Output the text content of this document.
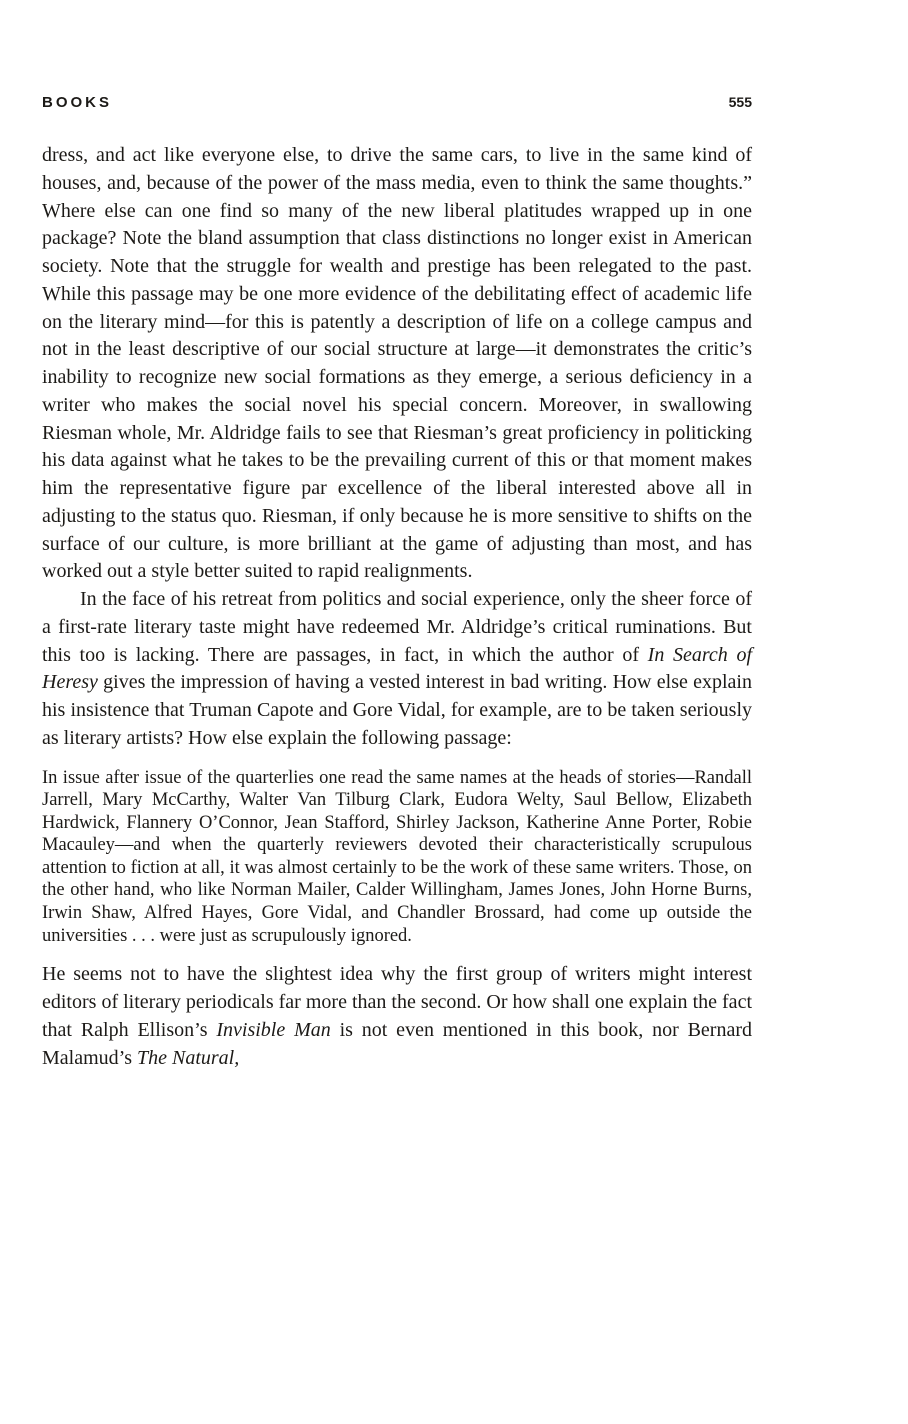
BOOKS	555

dress, and act like everyone else, to drive the same cars, to live in the same kind of houses, and, because of the power of the mass media, even to think the same thoughts.” Where else can one find so many of the new liberal platitudes wrapped up in one package? Note the bland assumption that class distinctions no longer exist in American society. Note that the struggle for wealth and prestige has been relegated to the past. While this passage may be one more evidence of the debilitating effect of academic life on the literary mind—for this is patently a description of life on a college campus and not in the least descriptive of our social structure at large—it demonstrates the critic’s inability to recognize new social formations as they emerge, a serious deficiency in a writer who makes the social novel his special concern. Moreover, in swallowing Riesman whole, Mr. Aldridge fails to see that Riesman’s great proficiency in politicking his data against what he takes to be the prevailing current of this or that moment makes him the representative figure par excellence of the liberal interested above all in adjusting to the status quo. Riesman, if only because he is more sensitive to shifts on the surface of our culture, is more brilliant at the game of adjusting than most, and has worked out a style better suited to rapid realignments.

In the face of his retreat from politics and social experience, only the sheer force of a first-rate literary taste might have redeemed Mr. Aldridge’s critical ruminations. But this too is lacking. There are passages, in fact, in which the author of In Search of Heresy gives the impression of having a vested interest in bad writing. How else explain his insistence that Truman Capote and Gore Vidal, for example, are to be taken seriously as literary artists? How else explain the following passage:

In issue after issue of the quarterlies one read the same names at the heads of stories—Randall Jarrell, Mary McCarthy, Walter Van Tilburg Clark, Eudora Welty, Saul Bellow, Elizabeth Hardwick, Flannery O’Connor, Jean Stafford, Shirley Jackson, Katherine Anne Porter, Robie Macauley—and when the quarterly reviewers devoted their characteristically scrupulous attention to fiction at all, it was almost certainly to be the work of these same writers. Those, on the other hand, who like Norman Mailer, Calder Willingham, James Jones, John Horne Burns, Irwin Shaw, Alfred Hayes, Gore Vidal, and Chandler Brossard, had come up outside the universities . . . were just as scrupulously ignored.

He seems not to have the slightest idea why the first group of writers might interest editors of literary periodicals far more than the second. Or how shall one explain the fact that Ralph Ellison’s Invisible Man is not even mentioned in this book, nor Bernard Malamud’s The Natural,
